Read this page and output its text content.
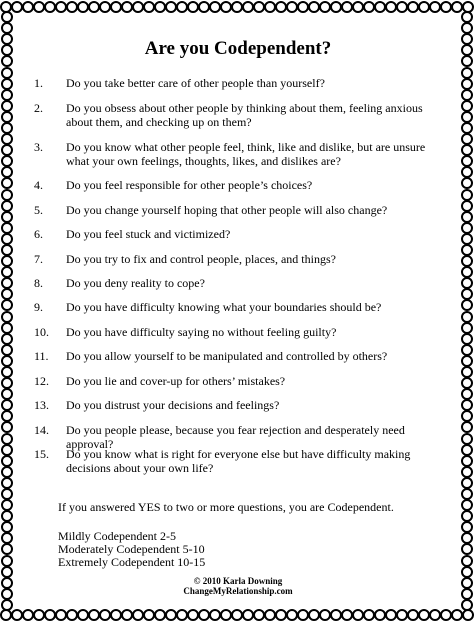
Are you Codependent?
1.	Do you take better care of other people than yourself?
2.	Do you obsess about other people by thinking about them, feeling anxious about them, and checking up on them?
3.	Do you know what other people feel, think, like and dislike, but are unsure what your own feelings, thoughts, likes, and dislikes are?
4.	Do you feel responsible for other people’s choices?
5.	Do you change yourself hoping that other people will also change?
6.	Do you feel stuck and victimized?
7.	Do you try to fix and control people, places, and things?
8.	Do you deny reality to cope?
9.	Do you have difficulty knowing what your boundaries should be?
10.	Do you have difficulty saying no without feeling guilty?
11.	Do you allow yourself to be manipulated and controlled by others?
12.	Do you lie and cover-up for others’ mistakes?
13.	Do you distrust your decisions and feelings?
14.	Do you people please, because you fear rejection and desperately need approval?
15.	Do you know what is right for everyone else but have difficulty making decisions about your own life?
If you answered YES to two or more questions, you are Codependent.
Mildly Codependent 2-5
Moderately Codependent 5-10
Extremely Codependent 10-15
© 2010 Karla Downing
ChangeMyRelationship.com
